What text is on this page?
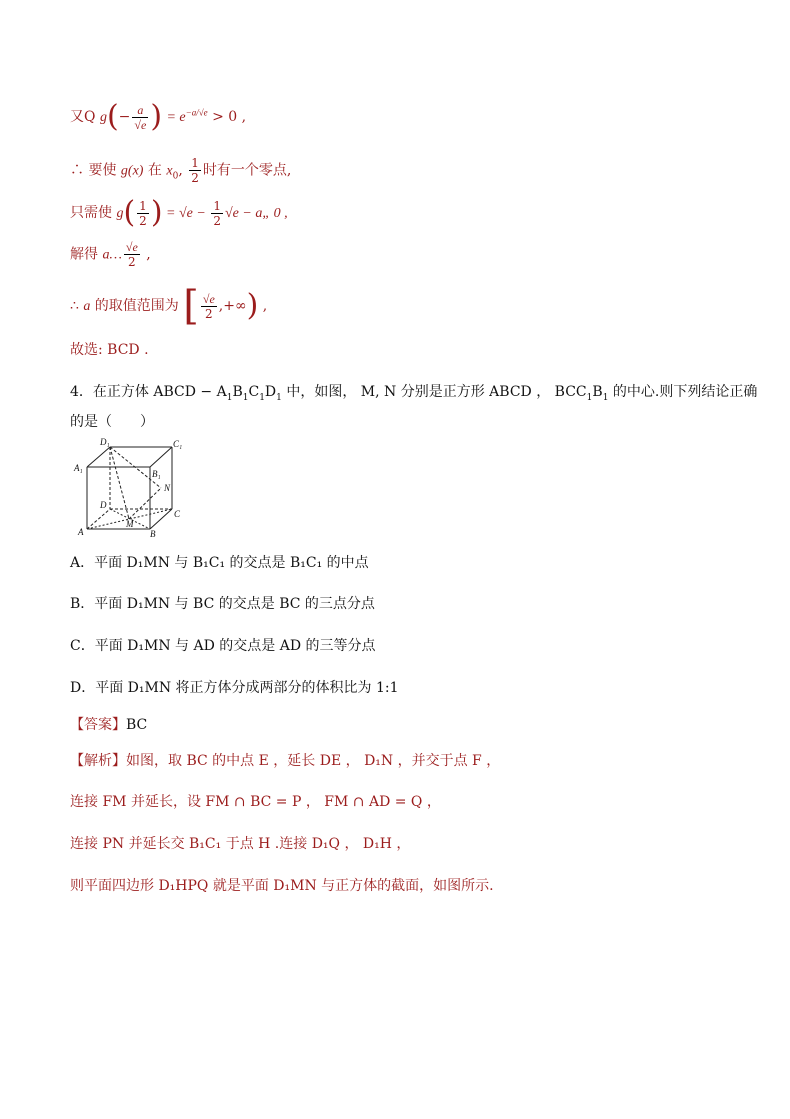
又Q $g(- \frac{a}{√e}$ ) = $e^{-a/√e} > 0$ ,
∴ 要使 g(x) 在 $x_0$, $\frac{1}{2}$ 时有一个零点,
只需使 $g( \frac{1}{2}$ ) = $√e - \frac{1}{2} √e$ − a„ 0 ,
解得 a… $\frac{√e}{2}$ ,
∴ a 的取值范围为 [ $\frac{√e}{2}$ ,+∞) ,
故选: BCD .
4．在正方体 ABCD − $A_1B_1C_1D_1$ 中，如图， M, N 分别是正方形 ABCD ， $BCC_1B_1$ 的中心.则下列结论正确
的是（　　）
D₁	C₁
A₁
B₁
N
D
M
C
A	B
A．平面 D₁MN 与 B₁C₁ 的交点是 B₁C₁ 的中点
B．平面 D₁MN 与 BC 的交点是 BC 的三点分点
C．平面 D₁MN 与 AD 的交点是 AD 的三等分点
D．平面 D₁MN 将正方体分成两部分的体积比为 1:1
【答案】BC
【解析】如图，取 BC 的中点 E ，延长 DE ， D₁N ，并交于点 F ，
连接 FM 并延长，设 FM ∩ BC = P ， FM ∩ AD = Q ，
连接 PN 并延长交 B₁C₁ 于点 H .连接 D₁Q ， D₁H ，
则平面四边形 D₁HPQ 就是平面 D₁MN 与正方体的截面，如图所示.
